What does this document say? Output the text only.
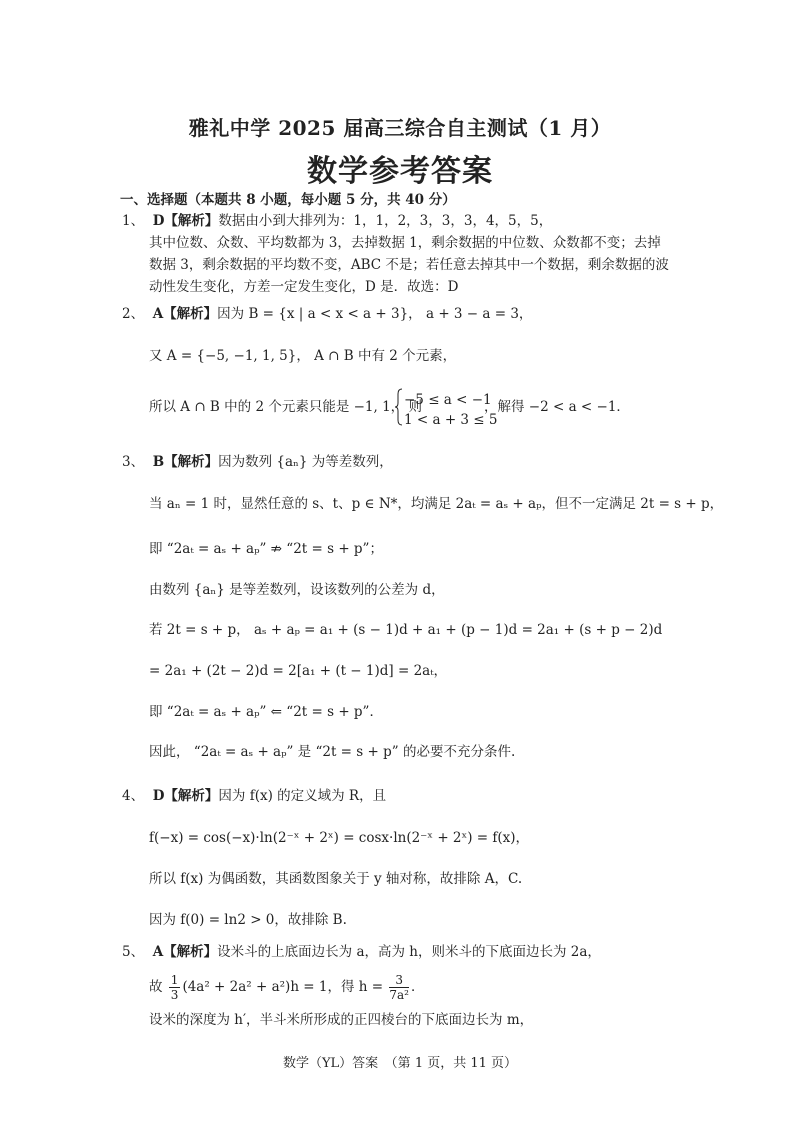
雅礼中学 2025 届高三综合自主测试（1 月）
数学参考答案
一、选择题（本题共 8 小题，每小题 5 分，共 40 分）
1、 D【解析】数据由小到大排列为：1，1，2，3，3，3，4，5，5，
其中位数、众数、平均数都为 3，去掉数据 1，剩余数据的中位数、众数都不变；去掉
数据 3，剩余数据的平均数不变，ABC 不是；若任意去掉其中一个数据，剩余数据的波
动性发生变化，方差一定发生变化，D 是．故选：D
2、 A【解析】因为 B = {x | a < x < a + 3}， a + 3 − a = 3，
又 A = {−5, −1, 1, 5}， A ∩ B 中有 2 个元素，
所以 A ∩ B 中的 2 个元素只能是 −1, 1， 则
−5 ≤ a < −1
1 < a + 3 ≤ 5
，解得 −2 < a < −1．
3、 B【解析】因为数列 {aₙ} 为等差数列，
当 aₙ = 1 时，显然任意的 s、t、p ∈ N*，均满足 2aₜ = aₛ + aₚ，但不一定满足 2t = s + p，
即 “2aₜ = aₛ + aₚ” ⇏ “2t = s + p”；
由数列 {aₙ} 是等差数列，设该数列的公差为 d，
若 2t = s + p， aₛ + aₚ = a₁ + (s − 1)d + a₁ + (p − 1)d = 2a₁ + (s + p − 2)d
= 2a₁ + (2t − 2)d = 2[a₁ + (t − 1)d] = 2aₜ，
即 “2aₜ = aₛ + aₚ” ⇐ “2t = s + p”．
因此， “2aₜ = aₛ + aₚ” 是 “2t = s + p” 的必要不充分条件.
4、 D【解析】因为 f(x) 的定义域为 R，且
f(−x) = cos(−x)·ln(2⁻ˣ + 2ˣ) = cosx·ln(2⁻ˣ + 2ˣ) = f(x)，
所以 f(x) 为偶函数，其函数图象关于 y 轴对称，故排除 A，C.
因为 f(0) = ln2 > 0，故排除 B.
5、 A【解析】设米斗的上底面边长为 a，高为 h，则米斗的下底面边长为 2a，
故 $\frac{1}{3} (4a^2 + 2a^2 + a^2)h = 1$，得 $h = \frac{3}{\text{7a²}}$ ．
设米的深度为 h′，半斗米所形成的正四棱台的下底面边长为 m，
数学（YL）答案　（第 1 页，共 11 页）
